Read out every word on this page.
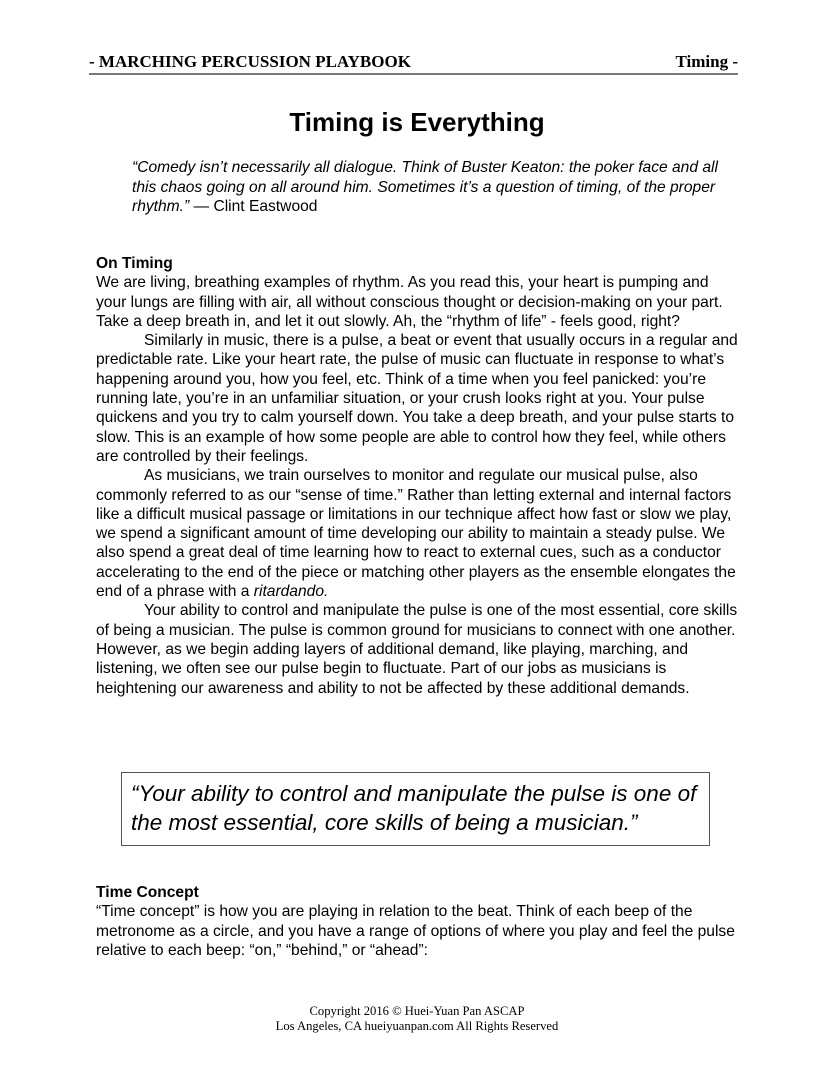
- MARCHING PERCUSSION PLAYBOOK	Timing -
Timing is Everything
“Comedy isn’t necessarily all dialogue. Think of Buster Keaton: the poker face and all this chaos going on all around him. Sometimes it’s a question of timing, of the proper rhythm.” — Clint Eastwood
On Timing

We are living, breathing examples of rhythm. As you read this, your heart is pumping and your lungs are filling with air, all without conscious thought or decision-making on your part. Take a deep breath in, and let it out slowly. Ah, the “rhythm of life” - feels good, right?

Similarly in music, there is a pulse, a beat or event that usually occurs in a regular and predictable rate. Like your heart rate, the pulse of music can fluctuate in response to what’s happening around you, how you feel, etc. Think of a time when you feel panicked: you’re running late, you’re in an unfamiliar situation, or your crush looks right at you. Your pulse quickens and you try to calm yourself down. You take a deep breath, and your pulse starts to slow. This is an example of how some people are able to control how they feel, while others are controlled by their feelings.

As musicians, we train ourselves to monitor and regulate our musical pulse, also commonly referred to as our “sense of time.” Rather than letting external and internal factors like a difficult musical passage or limitations in our technique affect how fast or slow we play, we spend a significant amount of time developing our ability to maintain a steady pulse. We also spend a great deal of time learning how to react to external cues, such as a conductor accelerating to the end of the piece or matching other players as the ensemble elongates the end of a phrase with a ritardando.

Your ability to control and manipulate the pulse is one of the most essential, core skills of being a musician. The pulse is common ground for musicians to connect with one another. However, as we begin adding layers of additional demand, like playing, marching, and listening, we often see our pulse begin to fluctuate. Part of our jobs as musicians is heightening our awareness and ability to not be affected by these additional demands.

“Your ability to control and manipulate the pulse is one of the most essential, core skills of being a musician.”
Time Concept

“Time concept” is how you are playing in relation to the beat. Think of each beep of the metronome as a circle, and you have a range of options of where you play and feel the pulse relative to each beep: “on,” “behind,” or “ahead”:

Copyright 2016 © Huei-Yuan Pan ASCAP
Los Angeles, CA hueiyuanpan.com All Rights Reserved
